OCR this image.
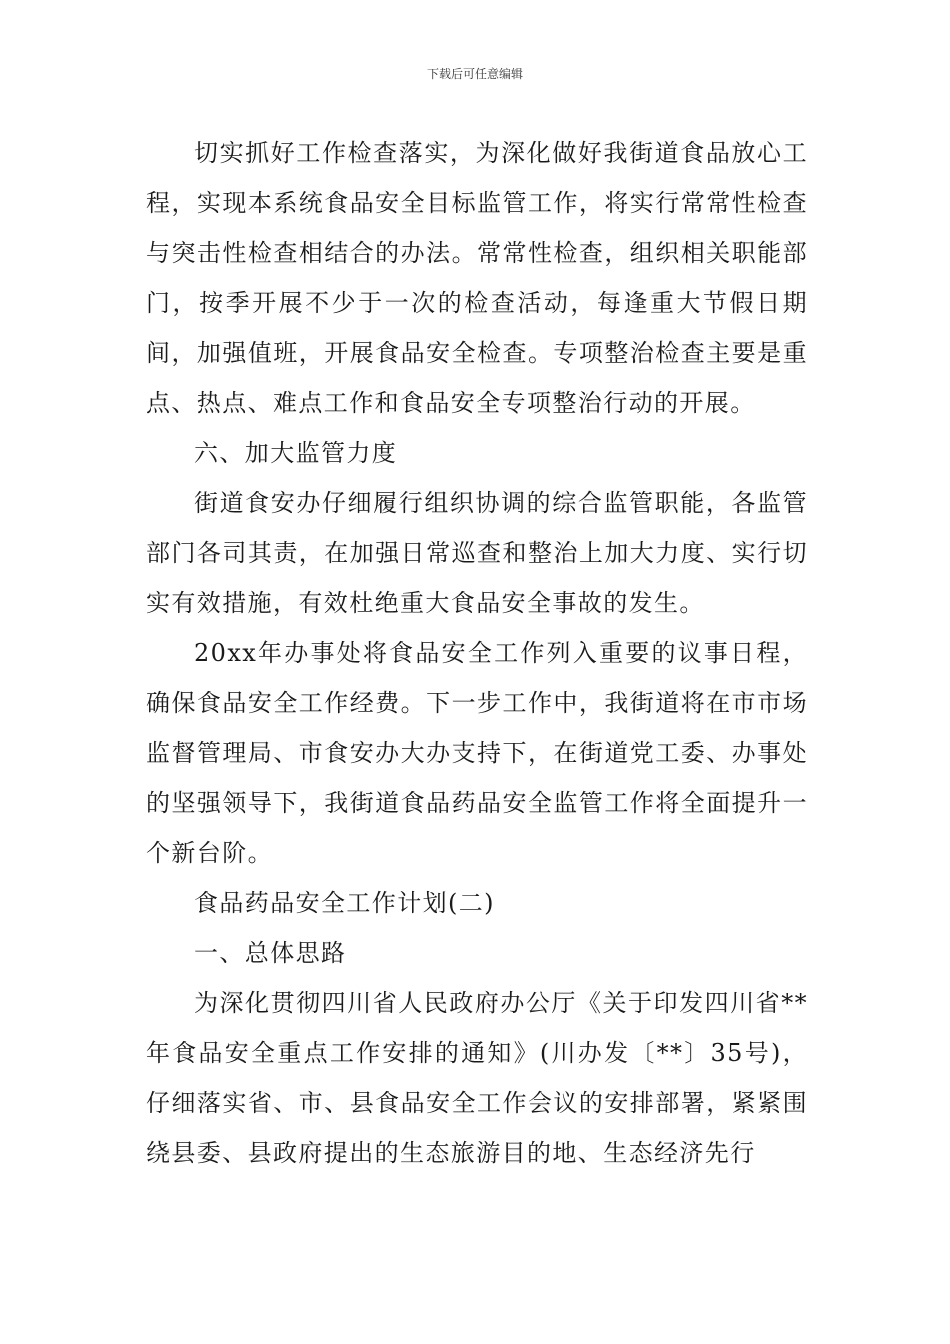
下载后可任意编辑

切实抓好工作检查落实，为深化做好我街道食品放心工程，实现本系统食品安全目标监管工作，将实行常常性检查与突击性检查相结合的办法。常常性检查，组织相关职能部门，按季开展不少于一次的检查活动，每逢重大节假日期间，加强值班，开展食品安全检查。专项整治检查主要是重点、热点、难点工作和食品安全专项整治行动的开展。

六、加大监管力度

街道食安办仔细履行组织协调的综合监管职能，各监管部门各司其责，在加强日常巡查和整治上加大力度、实行切实有效措施，有效杜绝重大食品安全事故的发生。

20xx年办事处将食品安全工作列入重要的议事日程，确保食品安全工作经费。下一步工作中，我街道将在市市场监督管理局、市食安办大办支持下，在街道党工委、办事处的坚强领导下，我街道食品药品安全监管工作将全面提升一个新台阶。

食品药品安全工作计划(二)

一、总体思路

为深化贯彻四川省人民政府办公厅《关于印发四川省**年食品安全重点工作安排的通知》(川办发〔**〕35号)，仔细落实省、市、县食品安全工作会议的安排部署，紧紧围绕县委、县政府提出的生态旅游目的地、生态经济先行
